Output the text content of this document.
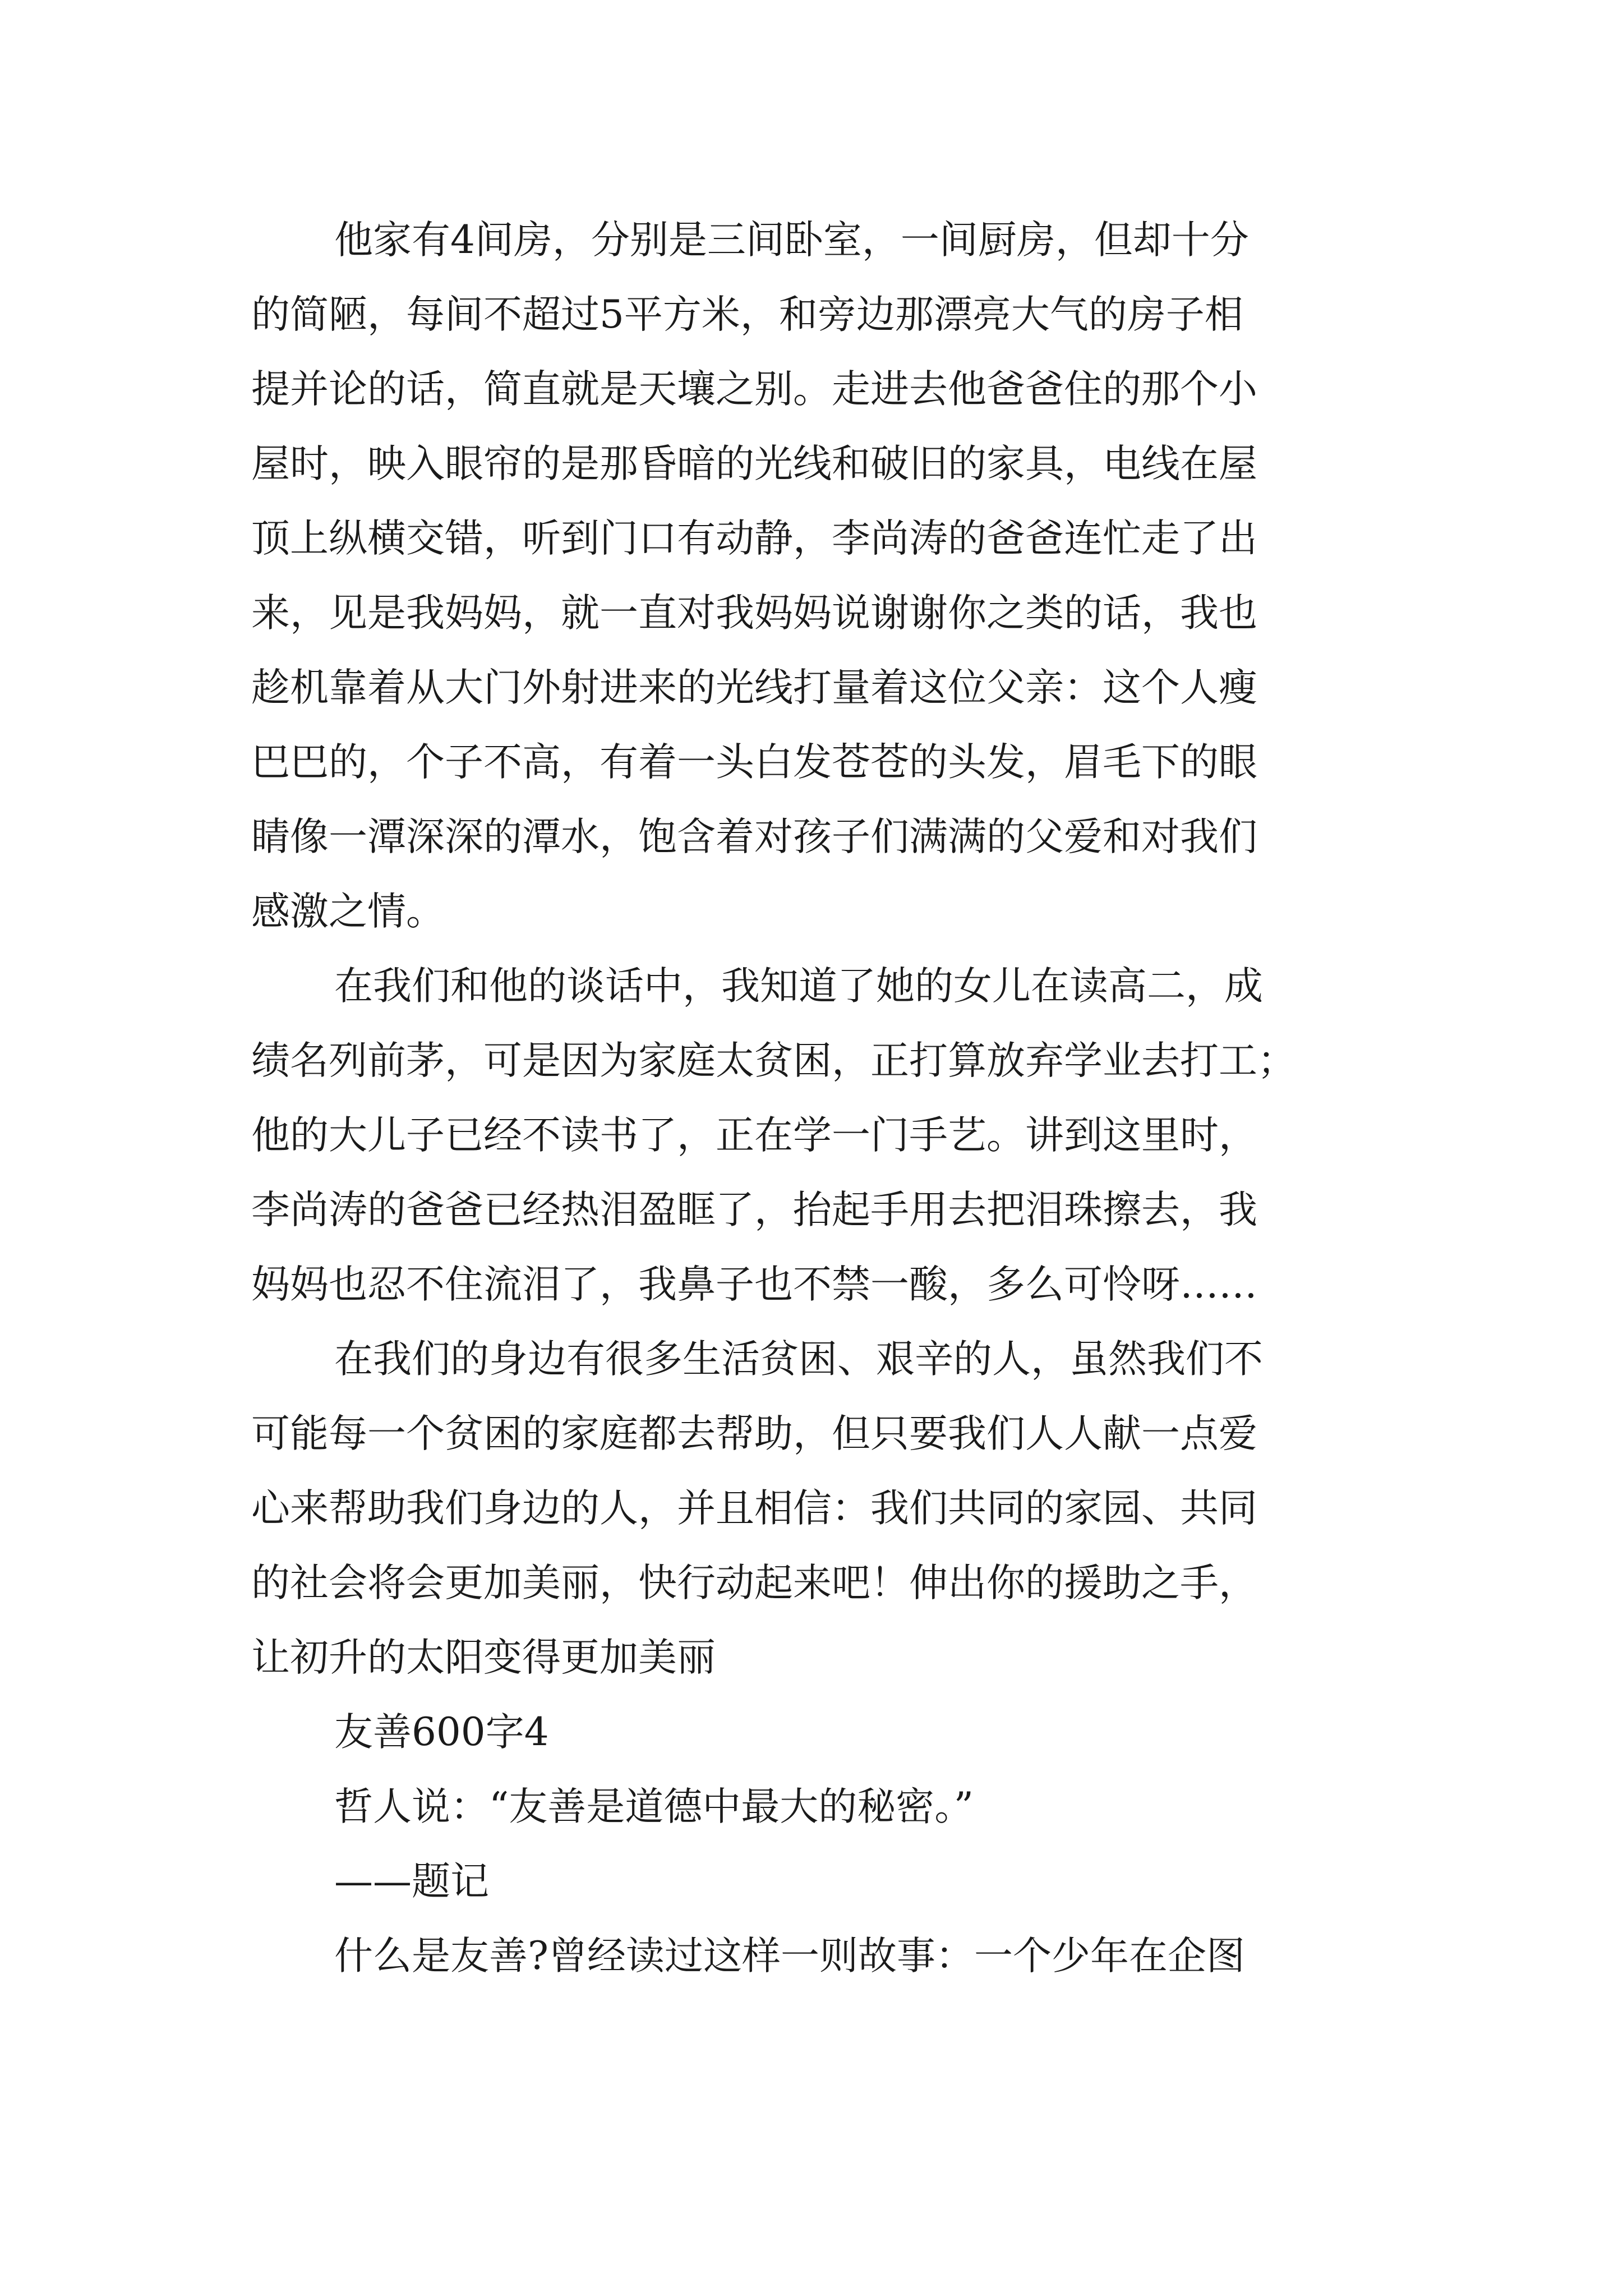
他家有4间房，分别是三间卧室，一间厨房，但却十分
的简陋，每间不超过5平方米，和旁边那漂亮大气的房子相
提并论的话，简直就是天壤之别。走进去他爸爸住的那个小
屋时，映入眼帘的是那昏暗的光线和破旧的家具，电线在屋
顶上纵横交错，听到门口有动静，李尚涛的爸爸连忙走了出
来，见是我妈妈，就一直对我妈妈说谢谢你之类的话，我也
趁机靠着从大门外射进来的光线打量着这位父亲：这个人瘦
巴巴的，个子不高，有着一头白发苍苍的头发，眉毛下的眼
睛像一潭深深的潭水，饱含着对孩子们满满的父爱和对我们
感激之情。
在我们和他的谈话中，我知道了她的女儿在读高二，成
绩名列前茅，可是因为家庭太贫困，正打算放弃学业去打工；
他的大儿子已经不读书了，正在学一门手艺。讲到这里时，
李尚涛的爸爸已经热泪盈眶了，抬起手用去把泪珠擦去，我
妈妈也忍不住流泪了，我鼻子也不禁一酸，多么可怜呀……
在我们的身边有很多生活贫困、艰辛的人，虽然我们不
可能每一个贫困的家庭都去帮助，但只要我们人人献一点爱
心来帮助我们身边的人，并且相信：我们共同的家园、共同
的社会将会更加美丽，快行动起来吧！伸出你的援助之手，
让初升的太阳变得更加美丽
友善600字4
哲人说：“友善是道德中最大的秘密。”
——题记
什么是友善?曾经读过这样一则故事：一个少年在企图
